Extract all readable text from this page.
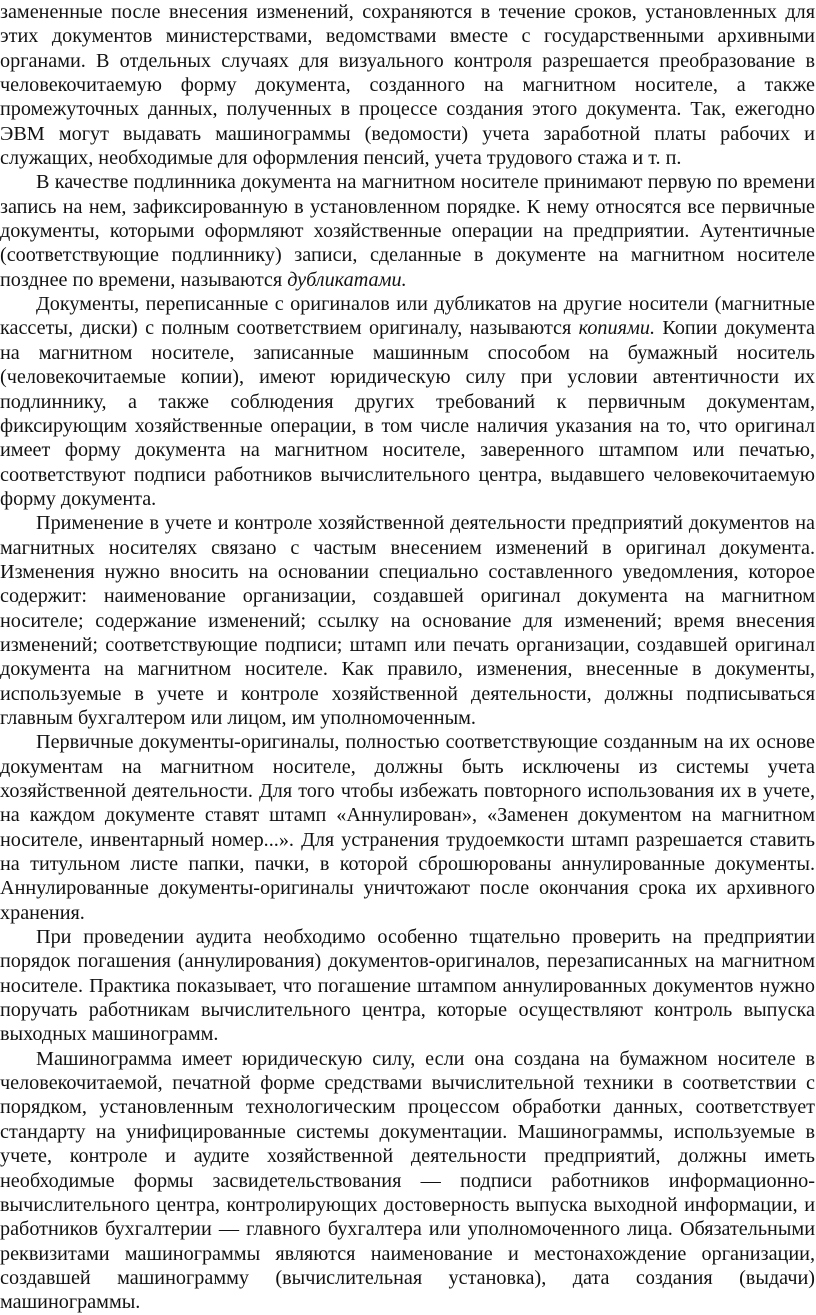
замененные после внесения изменений, сохраняются в течение сроков, установленных для этих документов министерствами, ведомствами вместе с государственными архивными органами. В отдельных случаях для визуального контроля разрешается преобразование в человекочитаемую форму документа, созданного на магнитном носителе, а также промежуточных данных, полученных в процессе создания этого документа. Так, ежегодно ЭВМ могут выдавать машинограммы (ведомости) учета заработной платы рабочих и служащих, необходимые для оформления пенсий, учета трудового стажа и т. п.

В качестве подлинника документа на магнитном носителе принимают первую по времени запись на нем, зафиксированную в установленном порядке. К нему относятся все первичные документы, которыми оформляют хозяйственные операции на предприятии. Аутентичные (соответствующие подлиннику) записи, сделанные в документе на магнитном носителе позднее по времени, называются дубликатами.

Документы, переписанные с оригиналов или дубликатов на другие носители (магнитные кассеты, диски) с полным соответствием оригиналу, называются копиями. Копии документа на магнитном носителе, записанные машинным способом на бумажный носитель (человекочитаемые копии), имеют юридическую силу при условии автентичности их подлиннику, а также соблюдения других требований к первичным документам, фиксирующим хозяйственные операции, в том числе наличия указания на то, что оригинал имеет форму документа на магнитном носителе, заверенного штампом или печатью, соответствуют подписи работников вычислительного центра, выдавшего человекочитаемую форму документа.

Применение в учете и контроле хозяйственной деятельности предприятий документов на магнитных носителях связано с частым внесением изменений в оригинал документа. Изменения нужно вносить на основании специально составленного уведомления, которое содержит: наименование организации, создавшей оригинал документа на магнитном носителе; содержание изменений; ссылку на основание для изменений; время внесения изменений; соответствующие подписи; штамп или печать организации, создавшей оригинал документа на магнитном носителе. Как правило, изменения, внесенные в документы, используемые в учете и контроле хозяйственной деятельности, должны подписываться главным бухгалтером или лицом, им уполномоченным.

Первичные документы-оригиналы, полностью соответствующие созданным на их основе документам на магнитном носителе, должны быть исключены из системы учета хозяйственной деятельности. Для того чтобы избежать повторного использования их в учете, на каждом документе ставят штамп «Аннулирован», «Заменен документом на магнитном носителе, инвентарный номер...». Для устранения трудоемкости штамп разрешается ставить на титульном листе папки, пачки, в которой сброшюрованы аннулированные документы. Аннулированные документы-оригиналы уничтожают после окончания срока их архивного хранения.

При проведении аудита необходимо особенно тщательно проверить на предприятии порядок погашения (аннулирования) документов-оригиналов, перезаписанных на магнитном носителе. Практика показывает, что погашение штампом аннулированных документов нужно поручать работникам вычислительного центра, которые осуществляют контроль выпуска выходных машинограмм.

Машинограмма имеет юридическую силу, если она создана на бумажном носителе в человекочитаемой, печатной форме средствами вычислительной техники в соответствии с порядком, установленным технологическим процессом обработки данных, соответствует стандарту на унифицированные системы документации. Машинограммы, используемые в учете, контроле и аудите хозяйственной деятельности предприятий, должны иметь необходимые формы засвидетельствования — подписи работников информационно-вычислительного центра, контролирующих достоверность выпуска выходной информации, и работников бухгалтерии — главного бухгалтера или уполномоченного лица. Обязательными реквизитами машинограммы являются наименование и местонахождение организации, создавшей машинограмму (вычислительная установка), дата создания (выдачи) машинограммы.
